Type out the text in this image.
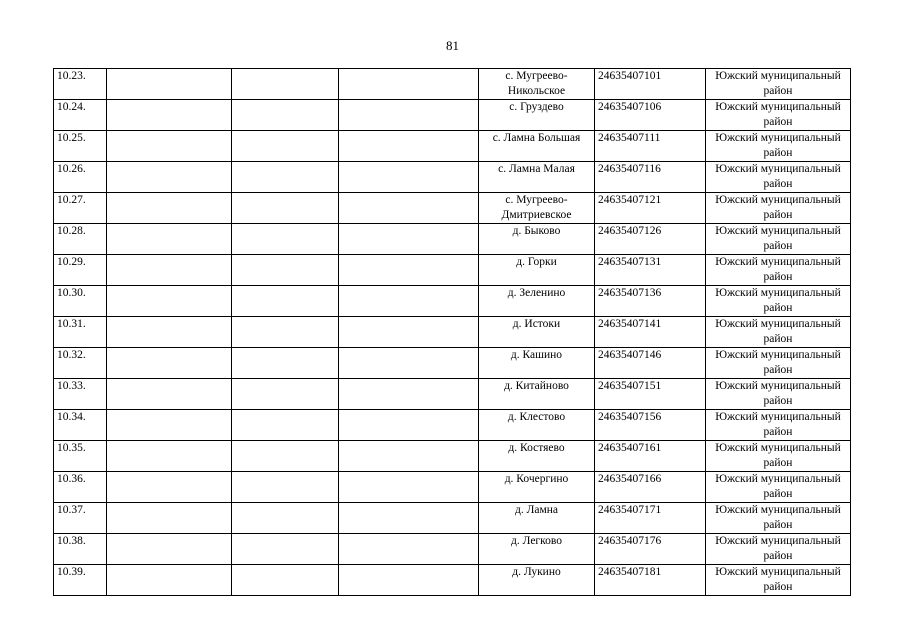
81
10.23.				с. Мугреево-Никольское	24635407101	Южский муниципальный район
10.24.				с. Груздево	24635407106	Южский муниципальный район
10.25.				с. Ламна Большая	24635407111	Южский муниципальный район
10.26.				с. Ламна Малая	24635407116	Южский муниципальный район
10.27.				с. Мугреево-Дмитриевское	24635407121	Южский муниципальный район
10.28.				д. Быково	24635407126	Южский муниципальный район
10.29.				д. Горки	24635407131	Южский муниципальный район
10.30.				д. Зеленино	24635407136	Южский муниципальный район
10.31.				д. Истоки	24635407141	Южский муниципальный район
10.32.				д. Кашино	24635407146	Южский муниципальный район
10.33.				д. Китайново	24635407151	Южский муниципальный район
10.34.				д. Клестово	24635407156	Южский муниципальный район
10.35.				д. Костяево	24635407161	Южский муниципальный район
10.36.				д. Кочергино	24635407166	Южский муниципальный район
10.37.				д. Ламна	24635407171	Южский муниципальный район
10.38.				д. Легково	24635407176	Южский муниципальный район
10.39.				д. Лукино	24635407181	Южский муниципальный район
